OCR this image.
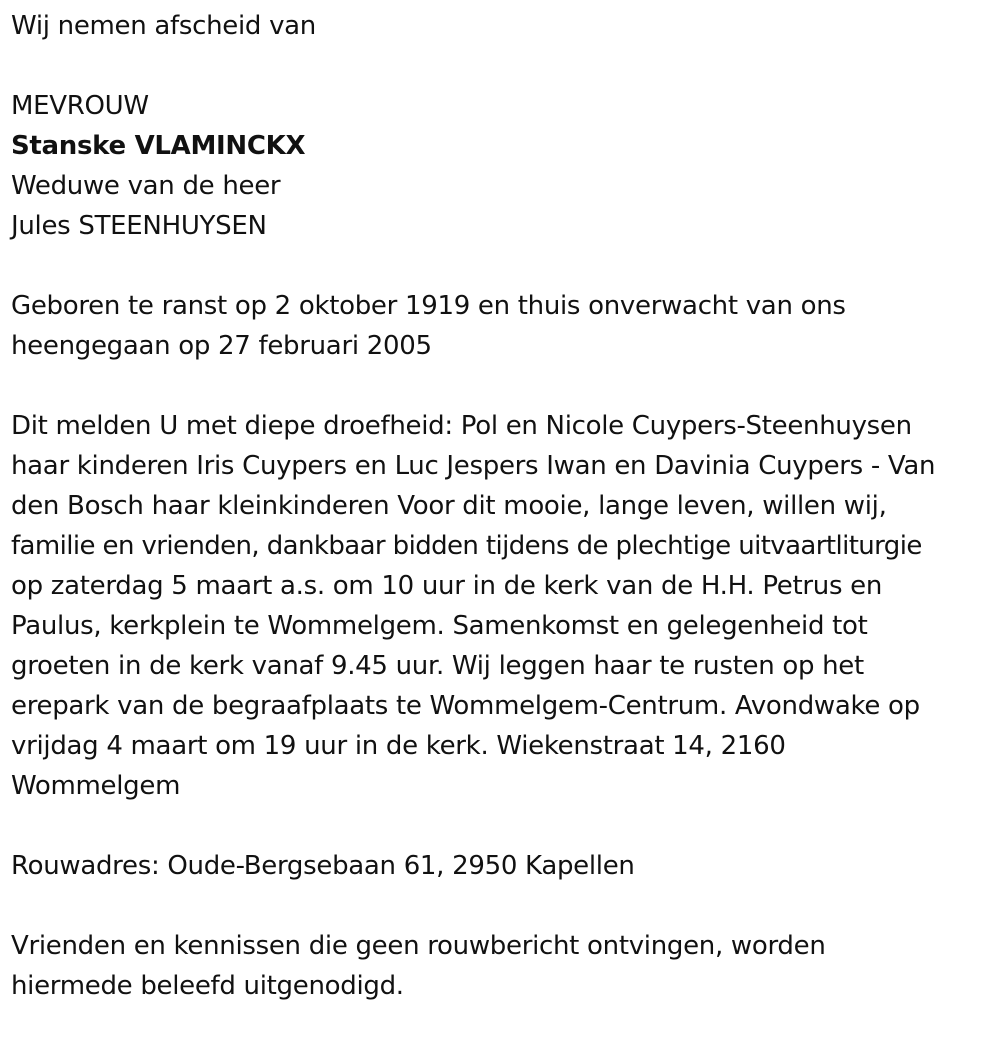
Wij nemen afscheid van
MEVROUW
Stanske VLAMINCKX
Weduwe van de heer
Jules STEENHUYSEN
Geboren te ranst op 2 oktober 1919 en thuis onverwacht van ons
heengegaan op 27 februari 2005
Dit melden U met diepe droefheid: Pol en Nicole Cuypers-Steenhuysen
haar kinderen Iris Cuypers en Luc Jespers Iwan en Davinia Cuypers - Van
den Bosch haar kleinkinderen Voor dit mooie, lange leven, willen wij,
familie en vrienden, dankbaar bidden tijdens de plechtige uitvaartliturgie
op zaterdag 5 maart a.s. om 10 uur in de kerk van de H.H. Petrus en
Paulus, kerkplein te Wommelgem. Samenkomst en gelegenheid tot
groeten in de kerk vanaf 9.45 uur. Wij leggen haar te rusten op het
erepark van de begraafplaats te Wommelgem-Centrum. Avondwake op
vrijdag 4 maart om 19 uur in de kerk. Wiekenstraat 14, 2160
Wommelgem
Rouwadres: Oude-Bergsebaan 61, 2950 Kapellen
Vrienden en kennissen die geen rouwbericht ontvingen, worden
hiermede beleefd uitgenodigd.
